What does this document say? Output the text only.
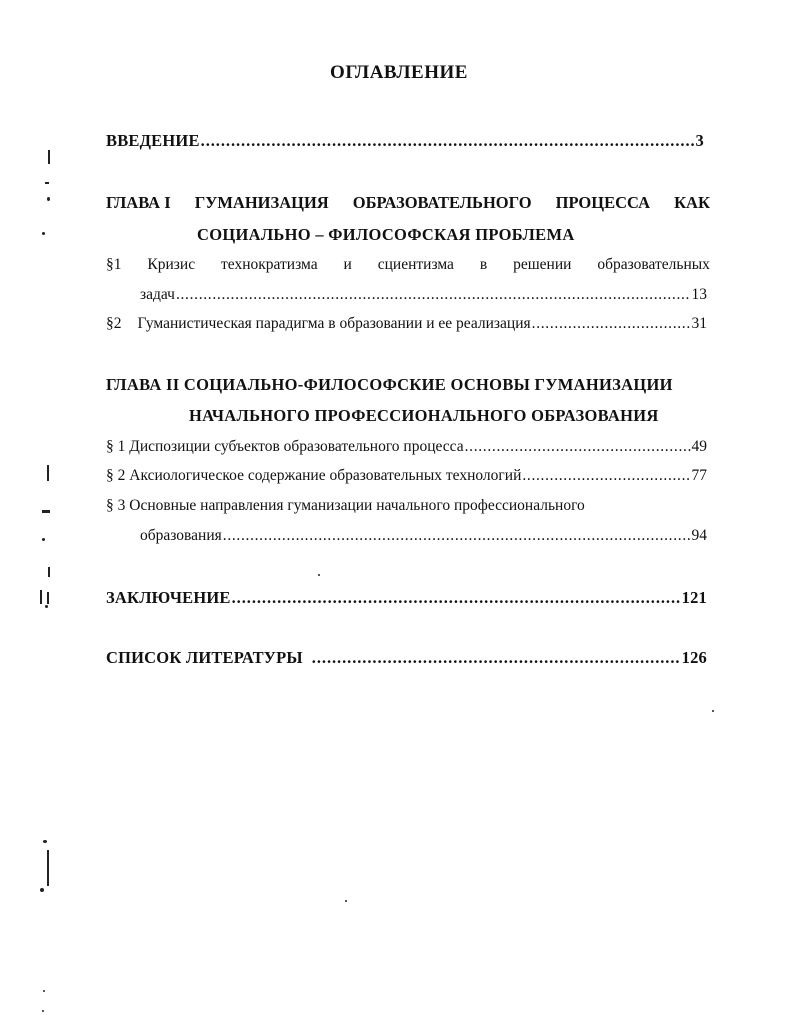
ОГЛАВЛЕНИЕ
ВВЕДЕНИЕ . . .	3
ГЛАВА I ГУМАНИЗАЦИЯ ОБРАЗОВАТЕЛЬНОГО ПРОЦЕССА КАК
СОЦИАЛЬНО – ФИЛОСОФСКАЯ ПРОБЛЕМА
§1 Кризис технократизма и сциентизма в решении образовательных
задач . . .	13
§2 Гуманистическая парадигма в образовании и ее реализация . . .	31
ГЛАВА II СОЦИАЛЬНО-ФИЛОСОФСКИЕ ОСНОВЫ ГУМАНИЗАЦИИ
НАЧАЛЬНОГО ПРОФЕССИОНАЛЬНОГО ОБРАЗОВАНИЯ
§ 1 Диспозиции субъектов образовательного процесса . . .	49
§ 2 Аксиологическое содержание образовательных технологий . . .	77
§ 3 Основные направления гуманизации начального профессионального
образования . . .	94
ЗАКЛЮЧЕНИЕ . . .	121
СПИСОК ЛИТЕРАТУРЫ . . .	126
